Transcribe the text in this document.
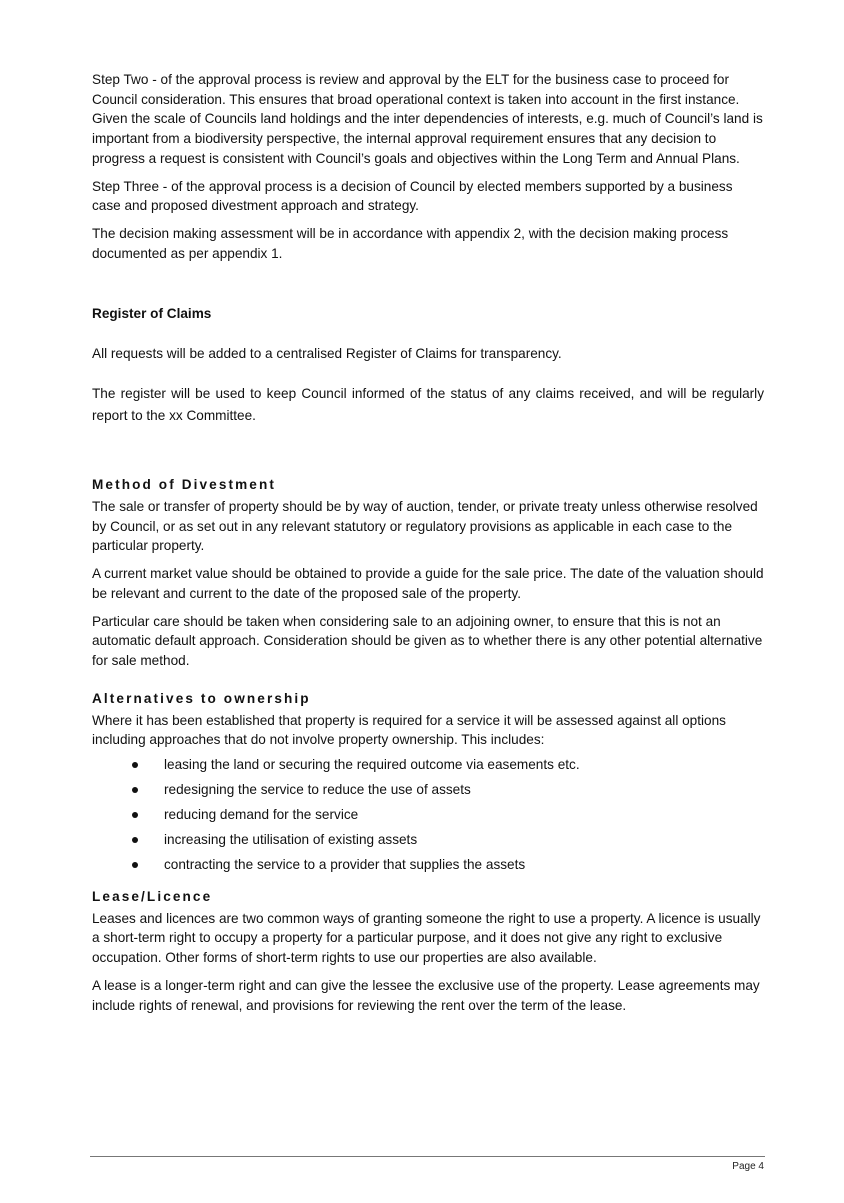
Step Two - of the approval process is review and approval by the ELT for the business case to proceed for Council consideration. This ensures that broad operational context is taken into account in the first instance. Given the scale of Councils land holdings and the inter dependencies of interests, e.g. much of Council’s land is important from a biodiversity perspective, the internal approval requirement ensures that any decision to progress a request is consistent with Council’s goals and objectives within the Long Term and Annual Plans.

Step Three - of the approval process is a decision of Council by elected members supported by a business case and proposed divestment approach and strategy.

The decision making assessment will be in accordance with appendix 2, with the decision making process documented as per appendix 1.

Register of Claims

All requests will be added to a centralised Register of Claims for transparency.

The register will be used to keep Council informed of the status of any claims received, and will be regularly report to the xx Committee.

Method of Divestment

The sale or transfer of property should be by way of auction, tender, or private treaty unless otherwise resolved by Council, or as set out in any relevant statutory or regulatory provisions as applicable in each case to the particular property.

A current market value should be obtained to provide a guide for the sale price. The date of the valuation should be relevant and current to the date of the proposed sale of the property.

Particular care should be taken when considering sale to an adjoining owner, to ensure that this is not an automatic default approach. Consideration should be given as to whether there is any other potential alternative for sale method.

Alternatives to ownership

Where it has been established that property is required for a service it will be assessed against all options including approaches that do not involve property ownership. This includes:

leasing the land or securing the required outcome via easements etc.
redesigning the service to reduce the use of assets
reducing demand for the service
increasing the utilisation of existing assets
contracting the service to a provider that supplies the assets

Lease/Licence

Leases and licences are two common ways of granting someone the right to use a property. A licence is usually a short-term right to occupy a property for a particular purpose, and it does not give any right to exclusive occupation. Other forms of short-term rights to use our properties are also available.

A lease is a longer-term right and can give the lessee the exclusive use of the property. Lease agreements may include rights of renewal, and provisions for reviewing the rent over the term of the lease.

Page 4
